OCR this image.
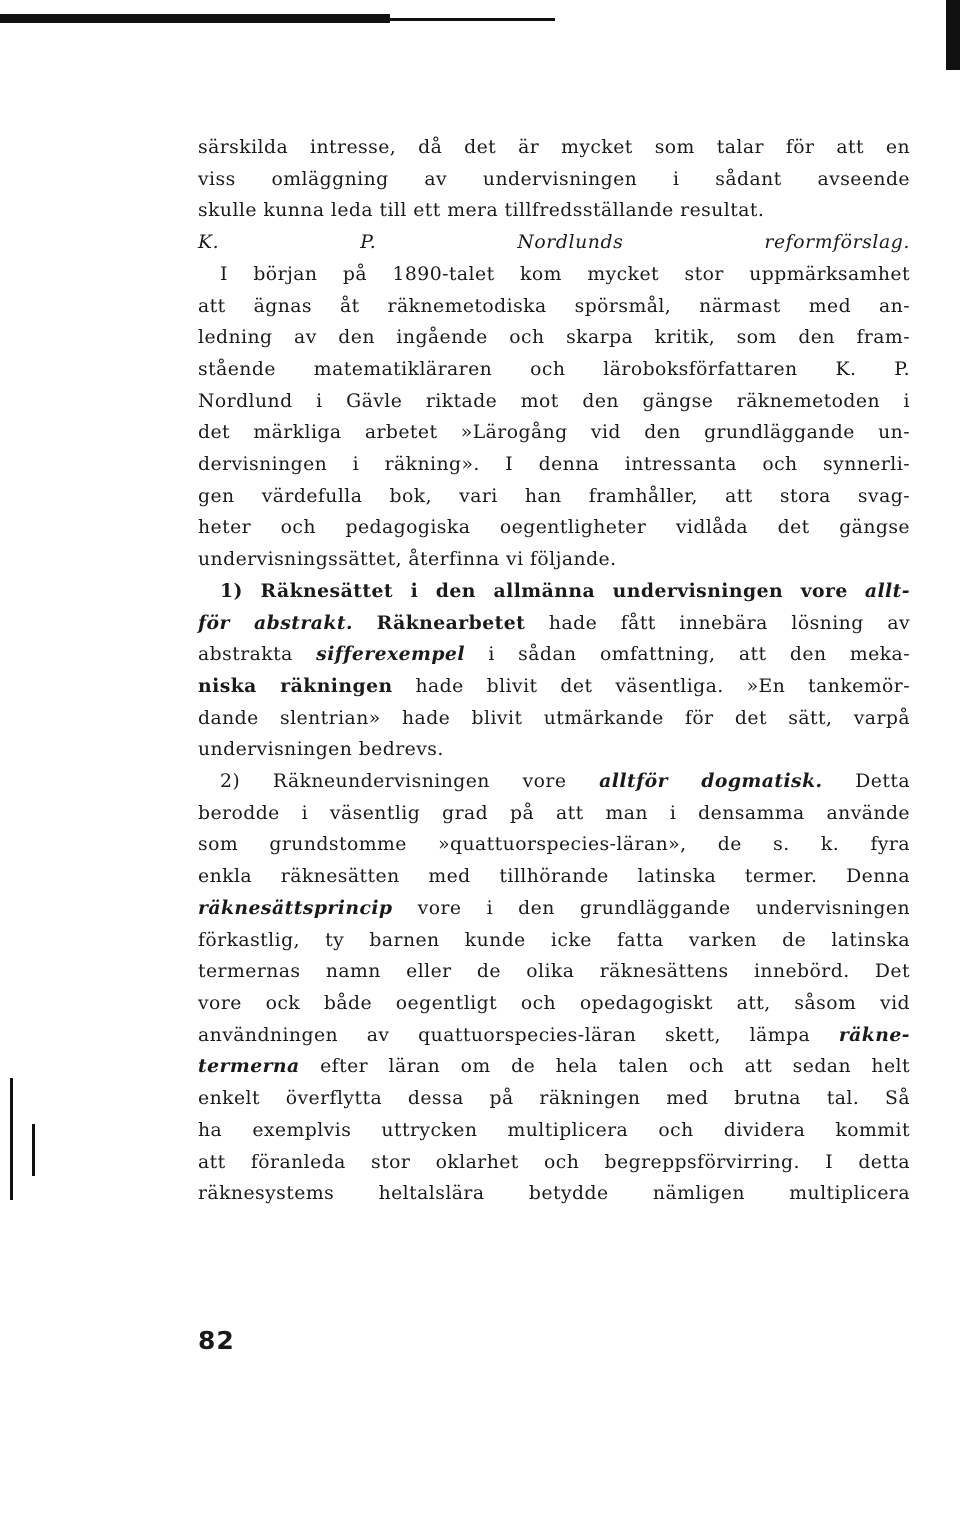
särskilda intresse, då det är mycket som talar för att en

viss omläggning av undervisningen i sådant avseende

skulle kunna leda till ett mera tillfredsställande resultat.

K. P. Nordlunds reformförslag.

I början på 1890-talet kom mycket stor uppmärksamhet

att ägnas åt räknemetodiska spörsmål, närmast med an-

ledning av den ingående och skarpa kritik, som den fram-

stående matematikläraren och läroboksförfattaren K. P.

Nordlund i Gävle riktade mot den gängse räknemetoden i

det märkliga arbetet »Lärogång vid den grundläggande un-

dervisningen i räkning». I denna intressanta och synnerli-

gen värdefulla bok, vari han framhåller, att stora svag-

heter och pedagogiska oegentligheter vidlåda det gängse

undervisningssättet, återfinna vi följande.

1) Räknesättet i den allmänna undervisningen vore allt-

för abstrakt. Räknearbetet hade fått innebära lösning av

abstrakta sifferexempel i sådan omfattning, att den meka-

niska räkningen hade blivit det väsentliga. »En tankemör-

dande slentrian» hade blivit utmärkande för det sätt, varpå

undervisningen bedrevs.

2) Räkneundervisningen vore alltför dogmatisk. Detta

berodde i väsentlig grad på att man i densamma använde

som grundstomme »quattuorspecies-läran», de s. k. fyra

enkla räknesätten med tillhörande latinska termer. Denna

räknesättsprincip vore i den grundläggande undervisningen

förkastlig, ty barnen kunde icke fatta varken de latinska

termernas namn eller de olika räknesättens innebörd. Det

vore ock både oegentligt och opedagogiskt att, såsom vid

användningen av quattuorspecies-läran skett, lämpa räkne-

termerna efter läran om de hela talen och att sedan helt

enkelt överflytta dessa på räkningen med brutna tal. Så

ha exemplvis uttrycken multiplicera och dividera kommit

att föranleda stor oklarhet och begreppsförvirring. I detta

räknesystems heltalslära betydde nämligen multiplicera

82
